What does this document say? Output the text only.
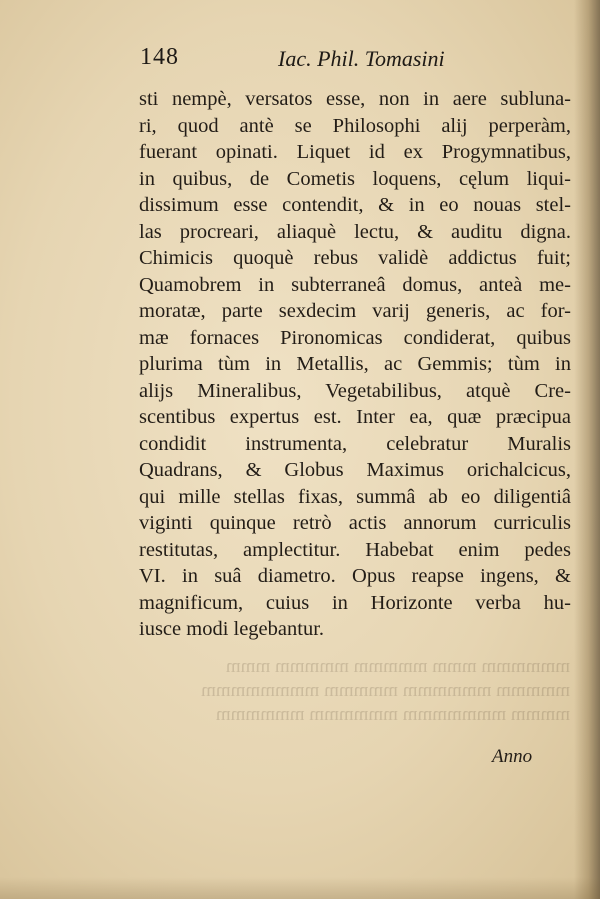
148	Iac. Phil. Tomasini
sti nempè, versatos esse, non in aere subluna-
ri, quod antè se Philosophi alij perperàm,
fuerant opinati. Liquet id ex Progymnatibus,
in quibus, de Cometis loquens, cęlum liqui-
dissimum esse contendit, & in eo nouas stel-
las procreari, aliaquè lectu, & auditu digna.
Chimicis quoquè rebus validè addictus fuit;
Quamobrem in subterraneâ domus, anteà me-
moratæ, parte sexdecim varij generis, ac for-
mæ fornaces Pironomicas condiderat, quibus
plurima tùm in Metallis, ac Gemmis; tùm in
alijs Mineralibus, Vegetabilibus, atquè Cre-
scentibus expertus est. Inter ea, quæ præcipua
condidit instrumenta, celebratur Muralis
Quadrans, & Globus Maximus orichalcicus,
qui mille stellas fixas, summâ ab eo diligentiâ
viginti quinque retrò actis annorum curriculis
restitutas, amplectitur. Habebat enim pedes
VI. in suâ diametro. Opus reapse ingens, &
magnificum, cuius in Horizonte verba hu-
iusce modi legebantur.
mmmmmm mmm mmmmm mmmmm mmm
mmmmm mmmmmm mmmmm mmmmmmmm
mmmm mmmmmmm mmmmmm mmmmmm
Anno
